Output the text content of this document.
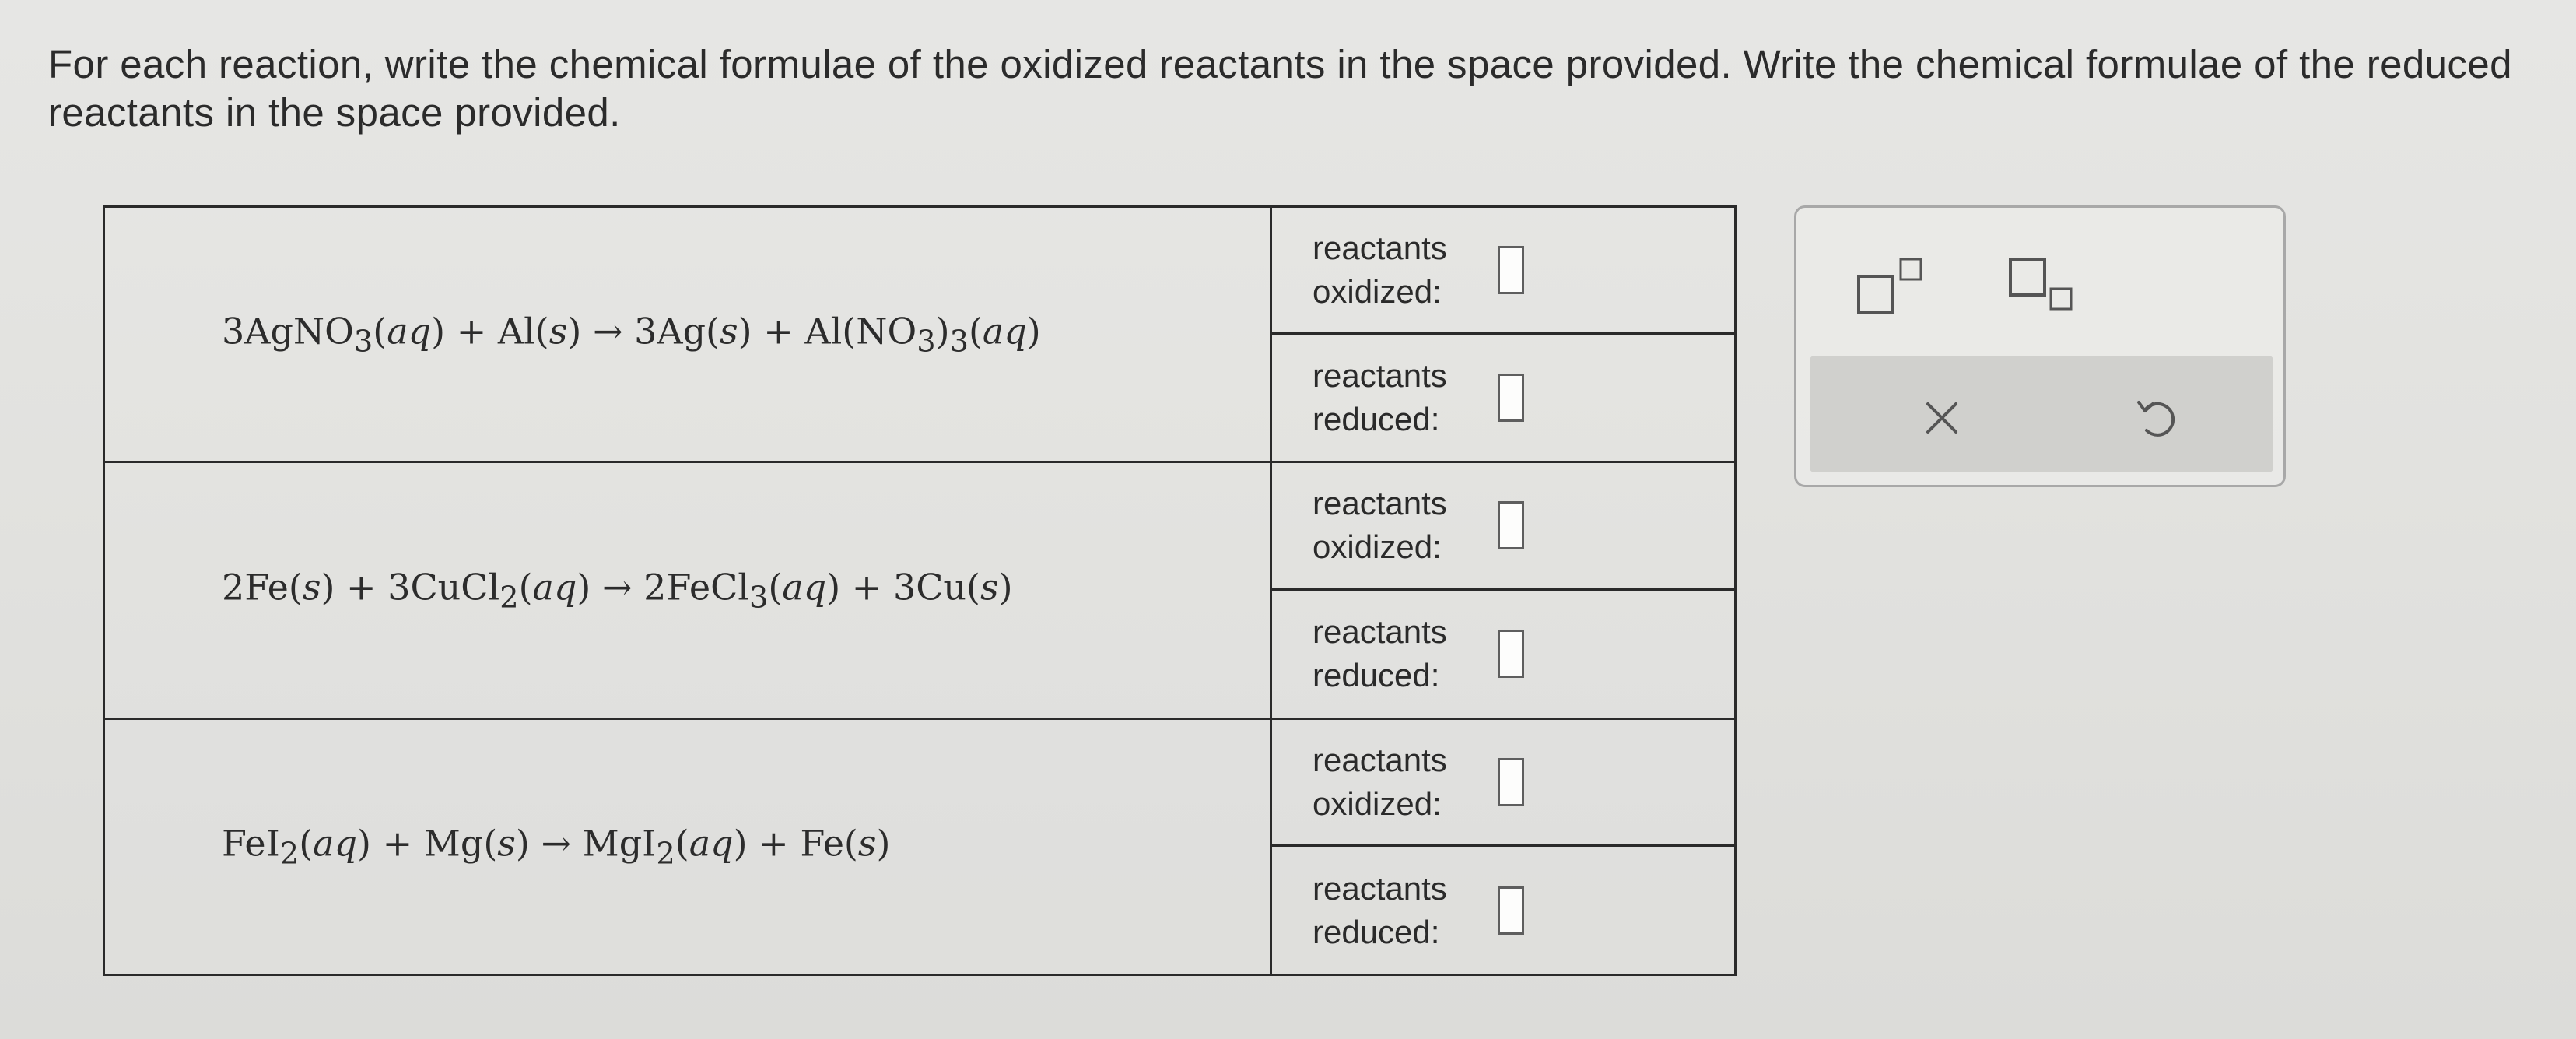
For each reaction, write the chemical formulae of the oxidized reactants in the space provided. Write the chemical formulae of the reduced reactants in the space provided.
3AgNO$_3$(aq) + $Al(s) \to 3Ag(s) + Al(NO_3)_3(aq)$
reactants
oxidized:
reactants
reduced:
2Fe(s) + 3CuCl$_2$(aq) → 2FeCl$_3$(aq) + 3Cu(s)
reactants
oxidized:
reactants
reduced:
FeI$_2$(aq) + Mg(s) → MgI$_2$(aq) + Fe(s)
reactants
oxidized:
reactants
reduced:
